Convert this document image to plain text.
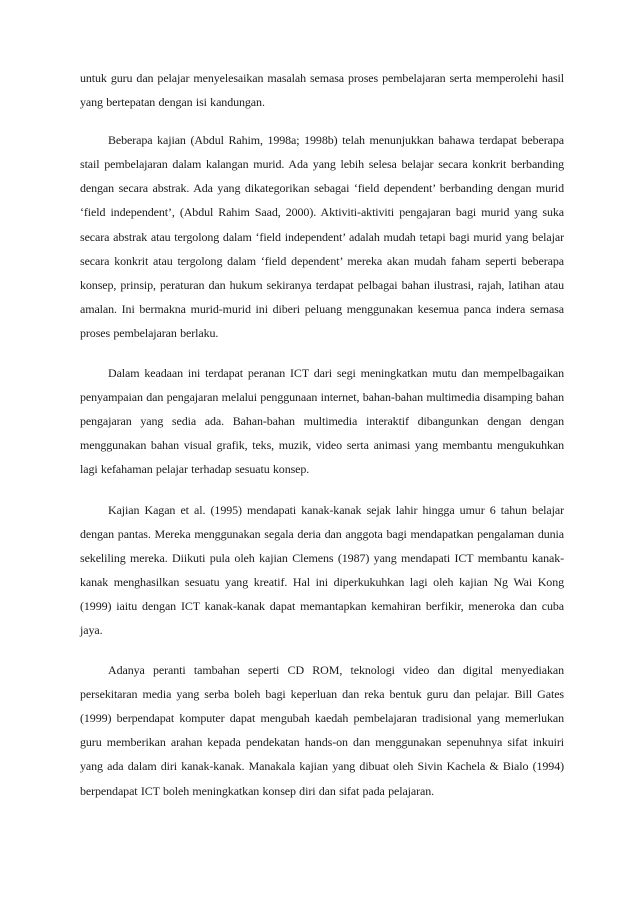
untuk guru dan pelajar menyelesaikan masalah semasa proses pembelajaran serta memperolehi hasil yang bertepatan dengan isi kandungan.

Beberapa kajian (Abdul Rahim, 1998a; 1998b) telah menunjukkan bahawa terdapat beberapa stail pembelajaran dalam kalangan murid. Ada yang lebih selesa belajar secara konkrit berbanding dengan secara abstrak. Ada yang dikategorikan sebagai ‘field dependent’ berbanding dengan murid ‘field independent’, (Abdul Rahim Saad, 2000). Aktiviti-aktiviti pengajaran bagi murid yang suka secara abstrak atau tergolong dalam ‘field independent’ adalah mudah tetapi bagi murid yang belajar secara konkrit atau tergolong dalam ‘field dependent’ mereka akan mudah faham seperti beberapa konsep, prinsip, peraturan dan hukum sekiranya terdapat pelbagai bahan ilustrasi, rajah, latihan atau amalan. Ini bermakna murid-murid ini diberi peluang menggunakan kesemua panca indera semasa proses pembelajaran berlaku.

Dalam keadaan ini terdapat peranan ICT dari segi meningkatkan mutu dan mempelbagaikan penyampaian dan pengajaran melalui penggunaan internet, bahan-bahan multimedia disamping bahan pengajaran yang sedia ada. Bahan-bahan multimedia interaktif dibangunkan dengan dengan menggunakan bahan visual grafik, teks, muzik, video serta animasi yang membantu mengukuhkan lagi kefahaman pelajar terhadap sesuatu konsep.

Kajian Kagan et al. (1995) mendapati kanak-kanak sejak lahir hingga umur 6 tahun belajar dengan pantas. Mereka menggunakan segala deria dan anggota bagi mendapatkan pengalaman dunia sekeliling mereka. Diikuti pula oleh kajian Clemens (1987) yang mendapati ICT membantu kanak-kanak menghasilkan sesuatu yang kreatif. Hal ini diperkukuhkan lagi oleh kajian Ng Wai Kong (1999) iaitu dengan ICT kanak-kanak dapat memantapkan kemahiran berfikir, meneroka dan cuba jaya.

Adanya peranti tambahan seperti CD ROM, teknologi video dan digital menyediakan persekitaran media yang serba boleh bagi keperluan dan reka bentuk guru dan pelajar. Bill Gates (1999) berpendapat komputer dapat mengubah kaedah pembelajaran tradisional yang memerlukan guru memberikan arahan kepada pendekatan hands-on dan menggunakan sepenuhnya sifat inkuiri yang ada dalam diri kanak-kanak. Manakala kajian yang dibuat oleh Sivin Kachela & Bialo (1994) berpendapat ICT boleh meningkatkan konsep diri dan sifat pada pelajaran.
